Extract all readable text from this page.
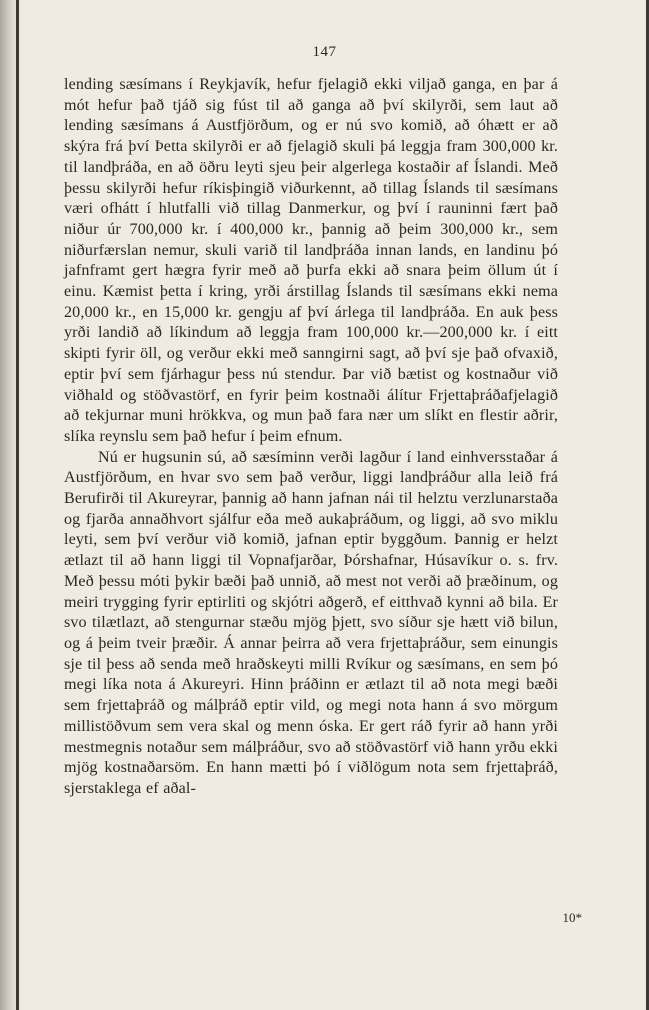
147

lending sæsímans í Reykjavík, hefur fjelagið ekki viljað ganga, en þar á mót hefur það tjáð sig fúst til að ganga að því skilyrði, sem laut að lending sæsímans á Austfjörðum, og er nú svo komið, að óhætt er að skýra frá því Þetta skilyrði er að fjelagið skuli þá leggja fram 300,000 kr. til landþráða, en að öðru leyti sjeu þeir algerlega kostaðir af Íslandi. Með þessu skilyrði hefur ríkisþingið viðurkennt, að tillag Íslands til sæsímans væri ofhátt í hlutfalli við tillag Danmerkur, og því í rauninni fært það niður úr 700,000 kr. í 400,000 kr., þannig að þeim 300,000 kr., sem niðurfærslan nemur, skuli varið til landþráða innan lands, en landinu þó jafnframt gert hægra fyrir með að þurfa ekki að snara þeim öllum út í einu. Kæmist þetta í kring, yrði árstillag Íslands til sæsímans ekki nema 20,000 kr., en 15,000 kr. gengju af því árlega til landþráða. En auk þess yrði landið að líkindum að leggja fram 100,000 kr.—200,000 kr. í eitt skipti fyrir öll, og verður ekki með sanngirni sagt, að því sje það ofvaxið, eptir því sem fjárhagur þess nú stendur. Þar við bætist og kostnaður við viðhald og stöðvastörf, en fyrir þeim kostnaði álítur Frjettaþráðafjelagið að tekjurnar muni hrökkva, og mun það fara nær um slíkt en flestir aðrir, slíka reynslu sem það hefur í þeim efnum.

Nú er hugsunin sú, að sæsíminn verði lagður í land einhversstaðar á Austfjörðum, en hvar svo sem það verður, liggi landþráður alla leið frá Berufirði til Akureyrar, þannig að hann jafnan nái til helztu verzlunarstaða og fjarða annaðhvort sjálfur eða með aukaþráðum, og liggi, að svo miklu leyti, sem því verður við komið, jafnan eptir byggðum. Þannig er helzt ætlazt til að hann liggi til Vopnafjarðar, Þórshafnar, Húsavíkur o. s. frv. Með þessu móti þykir bæði það unnið, að mest not verði að þræðinum, og meiri trygging fyrir eptirliti og skjótri aðgerð, ef eitthvað kynni að bila. Er svo tilætlazt, að stengurnar stæðu mjög þjett, svo síður sje hætt við bilun, og á þeim tveir þræðir. Á annar þeirra að vera frjettaþráður, sem einungis sje til þess að senda með hraðskeyti milli Rvíkur og sæsímans, en sem þó megi líka nota á Akureyri. Hinn þráðinn er ætlazt til að nota megi bæði sem frjettaþráð og málþráð eptir vild, og megi nota hann á svo mörgum millistöðvum sem vera skal og menn óska. Er gert ráð fyrir að hann yrði mestmegnis notaður sem málþráður, svo að stöðvastörf við hann yrðu ekki mjög kostnaðarsöm. En hann mætti þó í viðlögum nota sem frjettaþráð, sjerstaklega ef aðal-

10*
